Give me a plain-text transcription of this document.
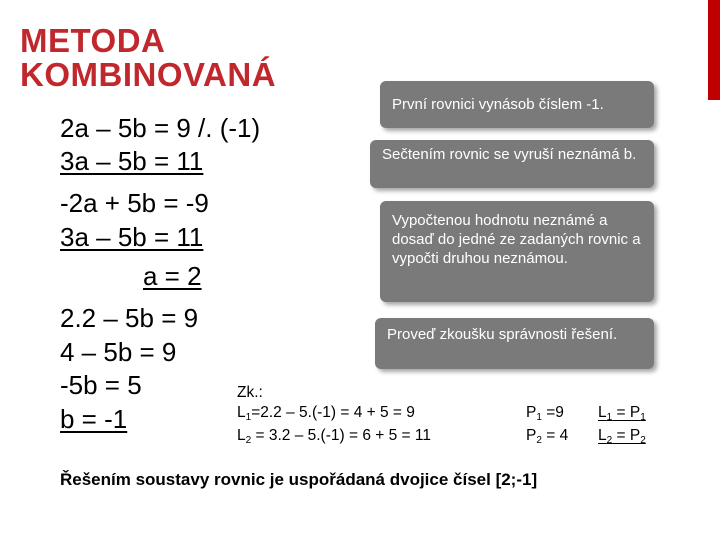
METODA
KOMBINOVANÁ
2a – 5b = 9 /. (-1)
3a – 5b = 11
-2a + 5b = -9
3a – 5b = 11
a = 2
2.2 – 5b = 9
4 – 5b = 9
-5b = 5
b = -1
První rovnici vynásob číslem -1.
Sečtením rovnic se vyruší neznámá b.
Vypočtenou hodnotu neznámé a dosaď do jedné ze zadaných rovnic a vypočti druhou neznámou.
Proveď zkoušku správnosti řešení.
Zk.:
$L_1=2.2 - 5.(-1) = 4 + 5 = 9$
$L_2 = 3.2 - 5.(-1) = 6 + 5 = 11$
$P_1 =9$
$P_2 = 4$
$L_1 = P_1$
$L_2 = P_2$
Řešením soustavy rovnic je uspořádaná dvojice čísel [2;-1]
